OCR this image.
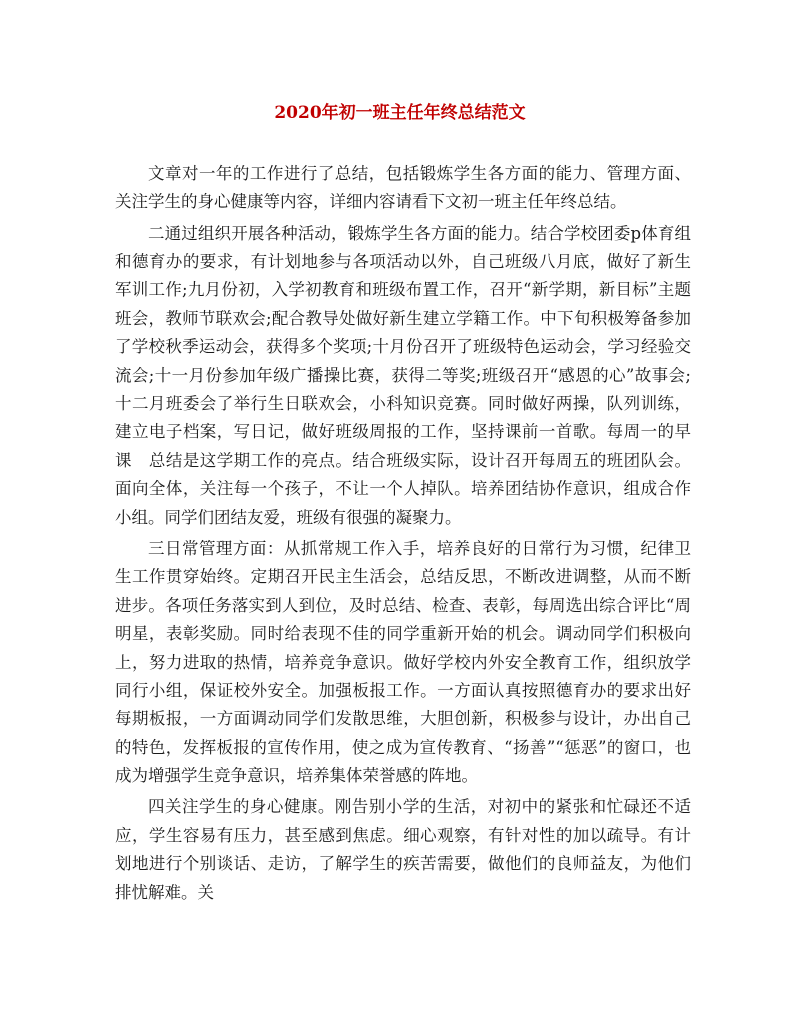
2020年初一班主任年终总结范文

文章对一年的工作进行了总结，包括锻炼学生各方面的能力、管理方面、关注学生的身心健康等内容，详细内容请看下文初一班主任年终总结。

二通过组织开展各种活动，锻炼学生各方面的能力。结合学校团委p体育组和德育办的要求，有计划地参与各项活动以外，自己班级八月底，做好了新生军训工作;九月份初，入学初教育和班级布置工作，召开“新学期，新目标”主题班会，教师节联欢会;配合教导处做好新生建立学籍工作。中下旬积极筹备参加了学校秋季运动会，获得多个奖项;十月份召开了班级特色运动会，学习经验交流会;十一月份参加年级广播操比赛，获得二等奖;班级召开“感恩的心”故事会;十二月班委会了举行生日联欢会，小科知识竞赛。同时做好两操，队列训练，建立电子档案，写日记，做好班级周报的工作，坚持课前一首歌。每周一的早课　总结是这学期工作的亮点。结合班级实际，设计召开每周五的班团队会。面向全体，关注每一个孩子，不让一个人掉队。培养团结协作意识，组成合作小组。同学们团结友爱，班级有很强的凝聚力。

三日常管理方面：从抓常规工作入手，培养良好的日常行为习惯，纪律卫生工作贯穿始终。定期召开民主生活会，总结反思，不断改进调整，从而不断进步。各项任务落实到人到位，及时总结、检查、表彰，每周选出综合评比“周明星，表彰奖励。同时给表现不佳的同学重新开始的机会。调动同学们积极向上，努力进取的热情，培养竞争意识。做好学校内外安全教育工作，组织放学同行小组，保证校外安全。加强板报工作。一方面认真按照德育办的要求出好每期板报，一方面调动同学们发散思维，大胆创新，积极参与设计，办出自己的特色，发挥板报的宣传作用，使之成为宣传教育、“扬善”“惩恶”的窗口，也成为增强学生竞争意识，培养集体荣誉感的阵地。

四关注学生的身心健康。刚告别小学的生活，对初中的紧张和忙碌还不适应，学生容易有压力，甚至感到焦虑。细心观察，有针对性的加以疏导。有计划地进行个别谈话、走访，了解学生的疾苦需要，做他们的良师益友，为他们排忧解难。关
